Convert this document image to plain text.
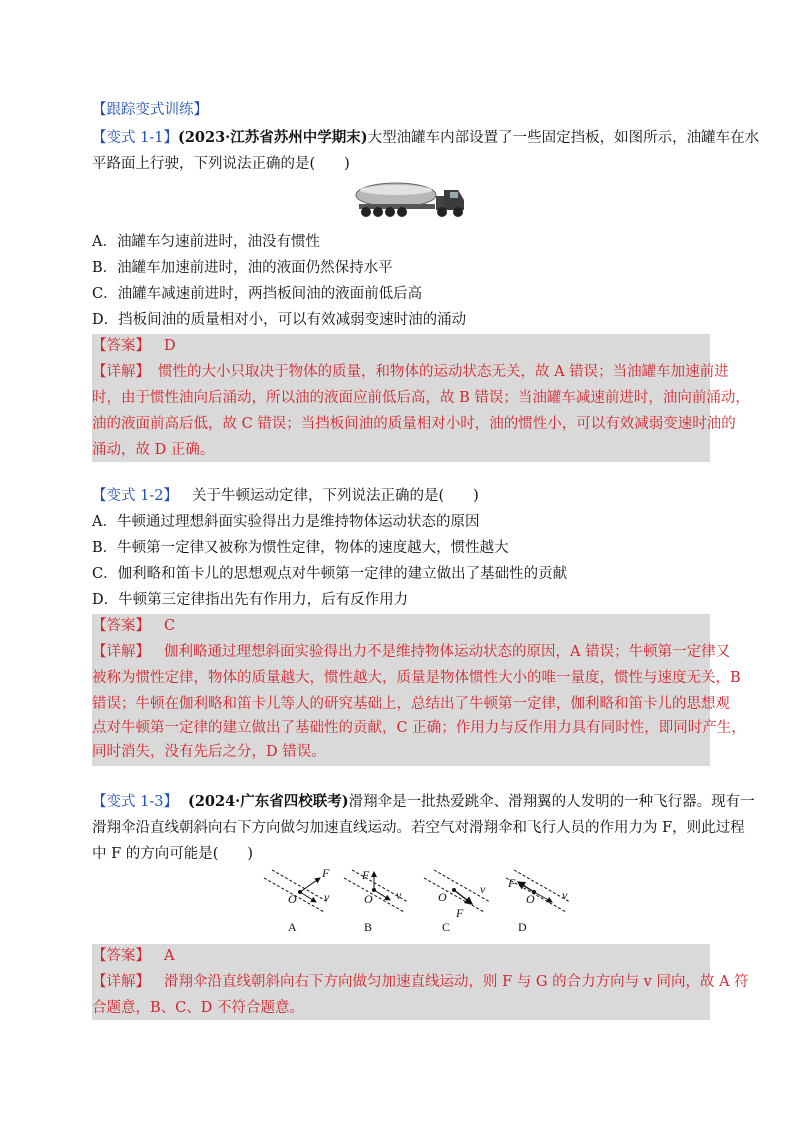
【跟踪变式训练】
【变式 1-1】(2023·江苏省苏州中学期末)大型油罐车内部设置了一些固定挡板，如图所示，油罐车在水
平路面上行驶，下列说法正确的是(　　)
A．油罐车匀速前进时，油没有惯性
B．油罐车加速前进时，油的液面仍然保持水平
C．油罐车减速前进时，两挡板间油的液面前低后高
D．挡板间油的质量相对小，可以有效减弱变速时油的涌动
【答案】 D
【详解】 惯性的大小只取决于物体的质量，和物体的运动状态无关，故 A 错误；当油罐车加速前进
时，由于惯性油向后涌动，所以油的液面应前低后高，故 B 错误；当油罐车减速前进时，油向前涌动，
油的液面前高后低，故 C 错误；当挡板间油的质量相对小时，油的惯性小，可以有效减弱变速时油的
涌动，故 D 正确。
【变式 1-2】 关于牛顿运动定律，下列说法正确的是(　　)
A．牛顿通过理想斜面实验得出力是维持物体运动状态的原因
B．牛顿第一定律又被称为惯性定律，物体的速度越大，惯性越大
C．伽利略和笛卡儿的思想观点对牛顿第一定律的建立做出了基础性的贡献
D．牛顿第三定律指出先有作用力，后有反作用力
【答案】 C
【详解】 伽利略通过理想斜面实验得出力不是维持物体运动状态的原因，A 错误；牛顿第一定律又
被称为惯性定律，物体的质量越大，惯性越大，质量是物体惯性大小的唯一量度，惯性与速度无关，B
错误；牛顿在伽利略和笛卡儿等人的研究基础上，总结出了牛顿第一定律，伽利略和笛卡儿的思想观
点对牛顿第一定律的建立做出了基础性的贡献，C 正确；作用力与反作用力具有同时性，即同时产生，
同时消失，没有先后之分，D 错误。
【变式 1-3】 (2024·广东省四校联考)滑翔伞是一批热爱跳伞、滑翔翼的人发明的一种飞行器。现有一
滑翔伞沿直线朝斜向右下方向做匀加速直线运动。若空气对滑翔伞和飞行人员的作用力为 F，则此过程
中 F 的方向可能是(　　)
F
O v
F
O v	O
v
F
F
O v
A	B	C	D
【答案】 A
【详解】 滑翔伞沿直线朝斜向右下方向做匀加速直线运动，则 F 与 G 的合力方向与 v 同向，故 A 符
合题意，B、C、D 不符合题意。
